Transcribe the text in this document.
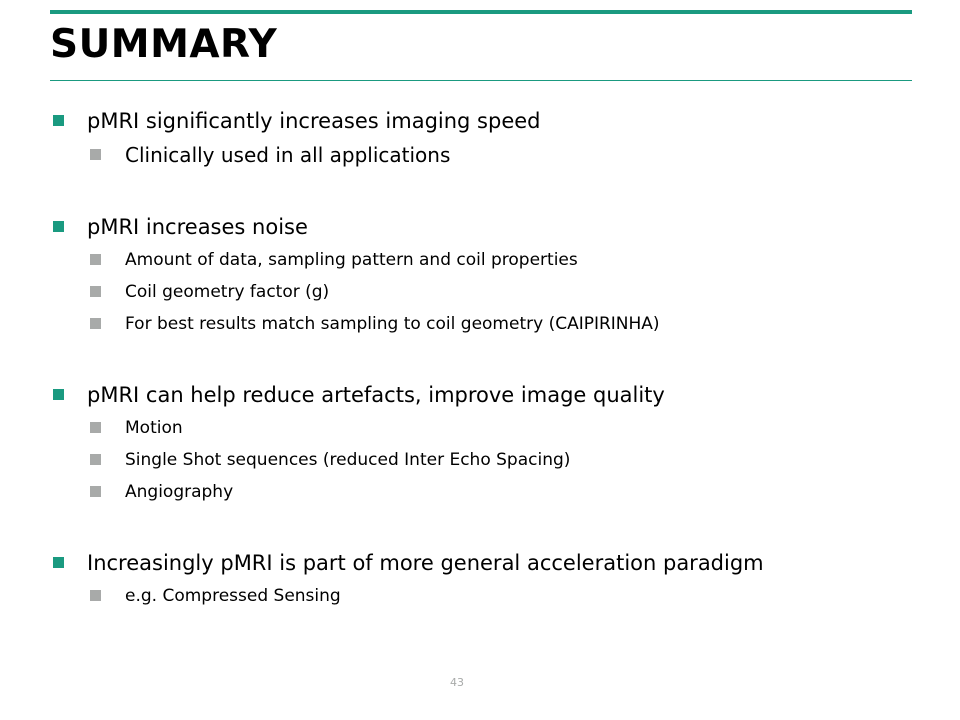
SUMMARY
pMRI significantly increases imaging speed
Clinically used in all applications
pMRI increases noise
Amount of data, sampling pattern and coil properties
Coil geometry factor (g)
For best results match sampling to coil geometry (CAIPIRINHA)
pMRI can help reduce artefacts, improve image quality
Motion
Single Shot sequences (reduced Inter Echo Spacing)
Angiography
Increasingly pMRI is part of more general acceleration paradigm
e.g. Compressed Sensing
43
